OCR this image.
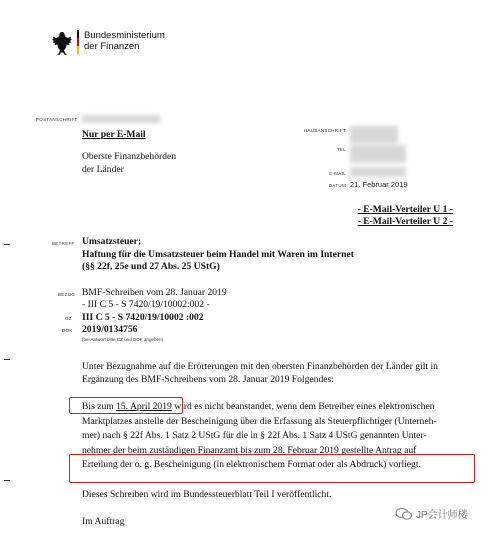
Bundesministerium
der Finanzen
POSTANSCHRIFT
Nur per E-Mail
Oberste Finanzbehörden
der Länder
HAUSANSCHRIFT
TEL
E-MAIL
DATUM 21. Februar 2019
- E-Mail-Verteiler U 1 -
- E-Mail-Verteiler U 2 -
BETREFF Umsatzsteuer;
Haftung für die Umsatzsteuer beim Handel mit Waren im Internet
(§§ 22f, 25e und 27 Abs. 25 UStG)
BEZUG BMF-Schreiben vom 28. Januar 2019
- III C 5 - S 7420/19/10002:002 -
GZ III C 5 - S 7420/19/10002 :002
DOK 2019/0134756
(bei Antwort bitte GZ und DOK angeben)
Unter Bezugnahme auf die Erörterungen mit den obersten Finanzbehörden der Länder gilt in
Ergänzung des BMF-Schreibens vom 28. Januar 2019 Folgendes:
Bis zum 15. April 2019 wird es nicht beanstandet, wenn dem Betreiber eines elektronischen
Marktplatzes anstelle der Bescheinigung über die Erfassung als Steuerpflichtiger (Unterneh-
mer) nach § 22f Abs. 1 Satz 2 UStG für die in § 22f Abs. 1 Satz 4 UStG genannten Unter-
nehmer der beim zuständigen Finanzamt bis zum 28. Februar 2019 gestellte Antrag auf
Erteilung der o. g. Bescheinigung (in elektronischem Format oder als Abdruck) vorliegt.
Dieses Schreiben wird im Bundessteuerblatt Teil I veröffentlicht.
Im Auftrag
JP会计师楼
